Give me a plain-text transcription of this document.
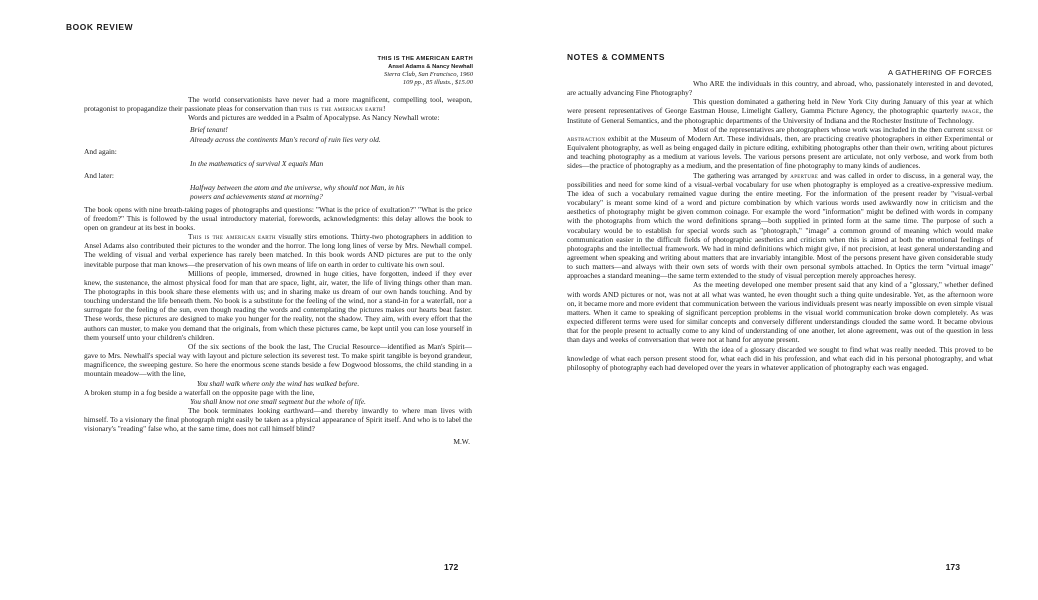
BOOK REVIEW
THIS IS THE AMERICAN EARTH
Ansel Adams & Nancy Newhall
Sierra Club, San Francisco, 1960
109 pp., 85 illusts., $15.00

The world conservationists have never had a more magnificent, compelling tool, weapon, protagonist to propagandize their passionate pleas for conservation than this is the american earth!

Words and pictures are wedded in a Psalm of Apocalypse. As Nancy Newhall wrote:

Brief tenant!
Already across the continents Man's record of ruin lies very old.

And again:

In the mathematics of survival X equals Man

And later:

Halfway between the atom and the universe, why should not Man, in his
powers and achievements stand at morning?

The book opens with nine breath-taking pages of photographs and questions: "What is the price of exultation?" "What is the price of freedom?" This is followed by the usual introductory material, forewords, acknowledgments: this delay allows the book to open on grandeur at its best in books.

This is the american earth visually stirs emotions. Thirty-two photographers in addition to Ansel Adams also contributed their pictures to the wonder and the horror. The long long lines of verse by Mrs. Newhall compel. The welding of visual and verbal experience has rarely been matched. In this book words AND pictures are put to the only inevitable purpose that man knows—the preservation of his own means of life on earth in order to cultivate his own soul.

Millions of people, immersed, drowned in huge cities, have forgotten, indeed if they ever knew, the sustenance, the almost physical food for man that are space, light, air, water, the life of living things other than man. The photographs in this book share these elements with us; and in sharing make us dream of our own hands touching. And by touching understand the life beneath them. No book is a substitute for the feeling of the wind, nor a stand-in for a waterfall, nor a surrogate for the feeling of the sun, even though reading the words and contemplating the pictures makes our hearts beat faster. These words, these pictures are designed to make you hunger for the reality, not the shadow. They aim, with every effort that the authors can muster, to make you demand that the originals, from which these pictures came, be kept until you can lose yourself in them yourself unto your children's children.

Of the six sections of the book the last, The Crucial Resource—identified as Man's Spirit—gave to Mrs. Newhall's special way with layout and picture selection its severest test. To make spirit tangible is beyond grandeur, magnificence, the sweeping gesture. So here the enormous scene stands beside a few Dogwood blossoms, the child standing in a mountain meadow—with the line,

You shall walk where only the wind has walked before.

A broken stump in a fog beside a waterfall on the opposite page with the line,

You shall know not one small segment but the whole of life.

The book terminates looking earthward—and thereby inwardly to where man lives with himself. To a visionary the final photograph might easily be taken as a physical appearance of Spirit itself. And who is to label the visionary's "reading" false who, at the same time, does not call himself blind?

M.W.

172
NOTES & COMMENTS
A GATHERING OF FORCES

Who ARE the individuals in this country, and abroad, who, passionately interested in and devoted, are actually advancing Fine Photography?

This question dominated a gathering held in New York City during January of this year at which were present representatives of George Eastman House, Limelight Gallery, Gamma Picture Agency, the photographic quarterly image, the Institute of General Semantics, and the photographic departments of the University of Indiana and the Rochester Institute of Technology.

Most of the representatives are photographers whose work was included in the then current sense of abstraction exhibit at the Museum of Modern Art. These individuals, then, are practicing creative photographers in either Experimental or Equivalent photography, as well as being engaged daily in picture editing, exhibiting photographs other than their own, writing about pictures and teaching photography as a medium at various levels. The various persons present are articulate, not only verbose, and work from both sides—the practice of photography as a medium, and the presentation of fine photography to many kinds of audiences.

The gathering was arranged by aperture and was called in order to discuss, in a general way, the possibilities and need for some kind of a visual-verbal vocabulary for use when photography is employed as a creative-expressive medium. The idea of such a vocabulary remained vague during the entire meeting. For the information of the present reader by "visual-verbal vocabulary" is meant some kind of a word and picture combination by which various words used awkwardly now in criticism and the aesthetics of photography might be given common coinage. For example the word "information" might be defined with words in company with the photographs from which the word definitions sprang—both supplied in printed form at the same time. The purpose of such a vocabulary would be to establish for special words such as "photograph," "image" a common ground of meaning which would make communication easier in the difficult fields of photographic aesthetics and criticism when this is aimed at both the emotional feelings of photographs and the intellectual framework. We had in mind definitions which might give, if not precision, at least general understanding and agreement when speaking and writing about matters that are invariably intangible. Most of the persons present have given considerable study to such matters—and always with their own sets of words with their own personal symbols attached. In Optics the term "virtual image" approaches a standard meaning—the same term extended to the study of visual perception merely approaches heresy.

As the meeting developed one member present said that any kind of a "glossary," whether defined with words AND pictures or not, was not at all what was wanted, he even thought such a thing quite undesirable. Yet, as the afternoon wore on, it became more and more evident that communication between the various individuals present was nearly impossible on even simple visual matters. When it came to speaking of significant perception problems in the visual world communication broke down completely. As was expected different terms were used for similar concepts and conversely different understandings clouded the same word. It became obvious that for the people present to actually come to any kind of understanding of one another, let alone agreement, was out of the question in less than days and weeks of conversation that were not at hand for anyone present.

With the idea of a glossary discarded we sought to find what was really needed. This proved to be knowledge of what each person present stood for, what each did in his profession, and what each did in his personal photography, and what philosophy of photography each had developed over the years in whatever application of photography each was engaged.

173
